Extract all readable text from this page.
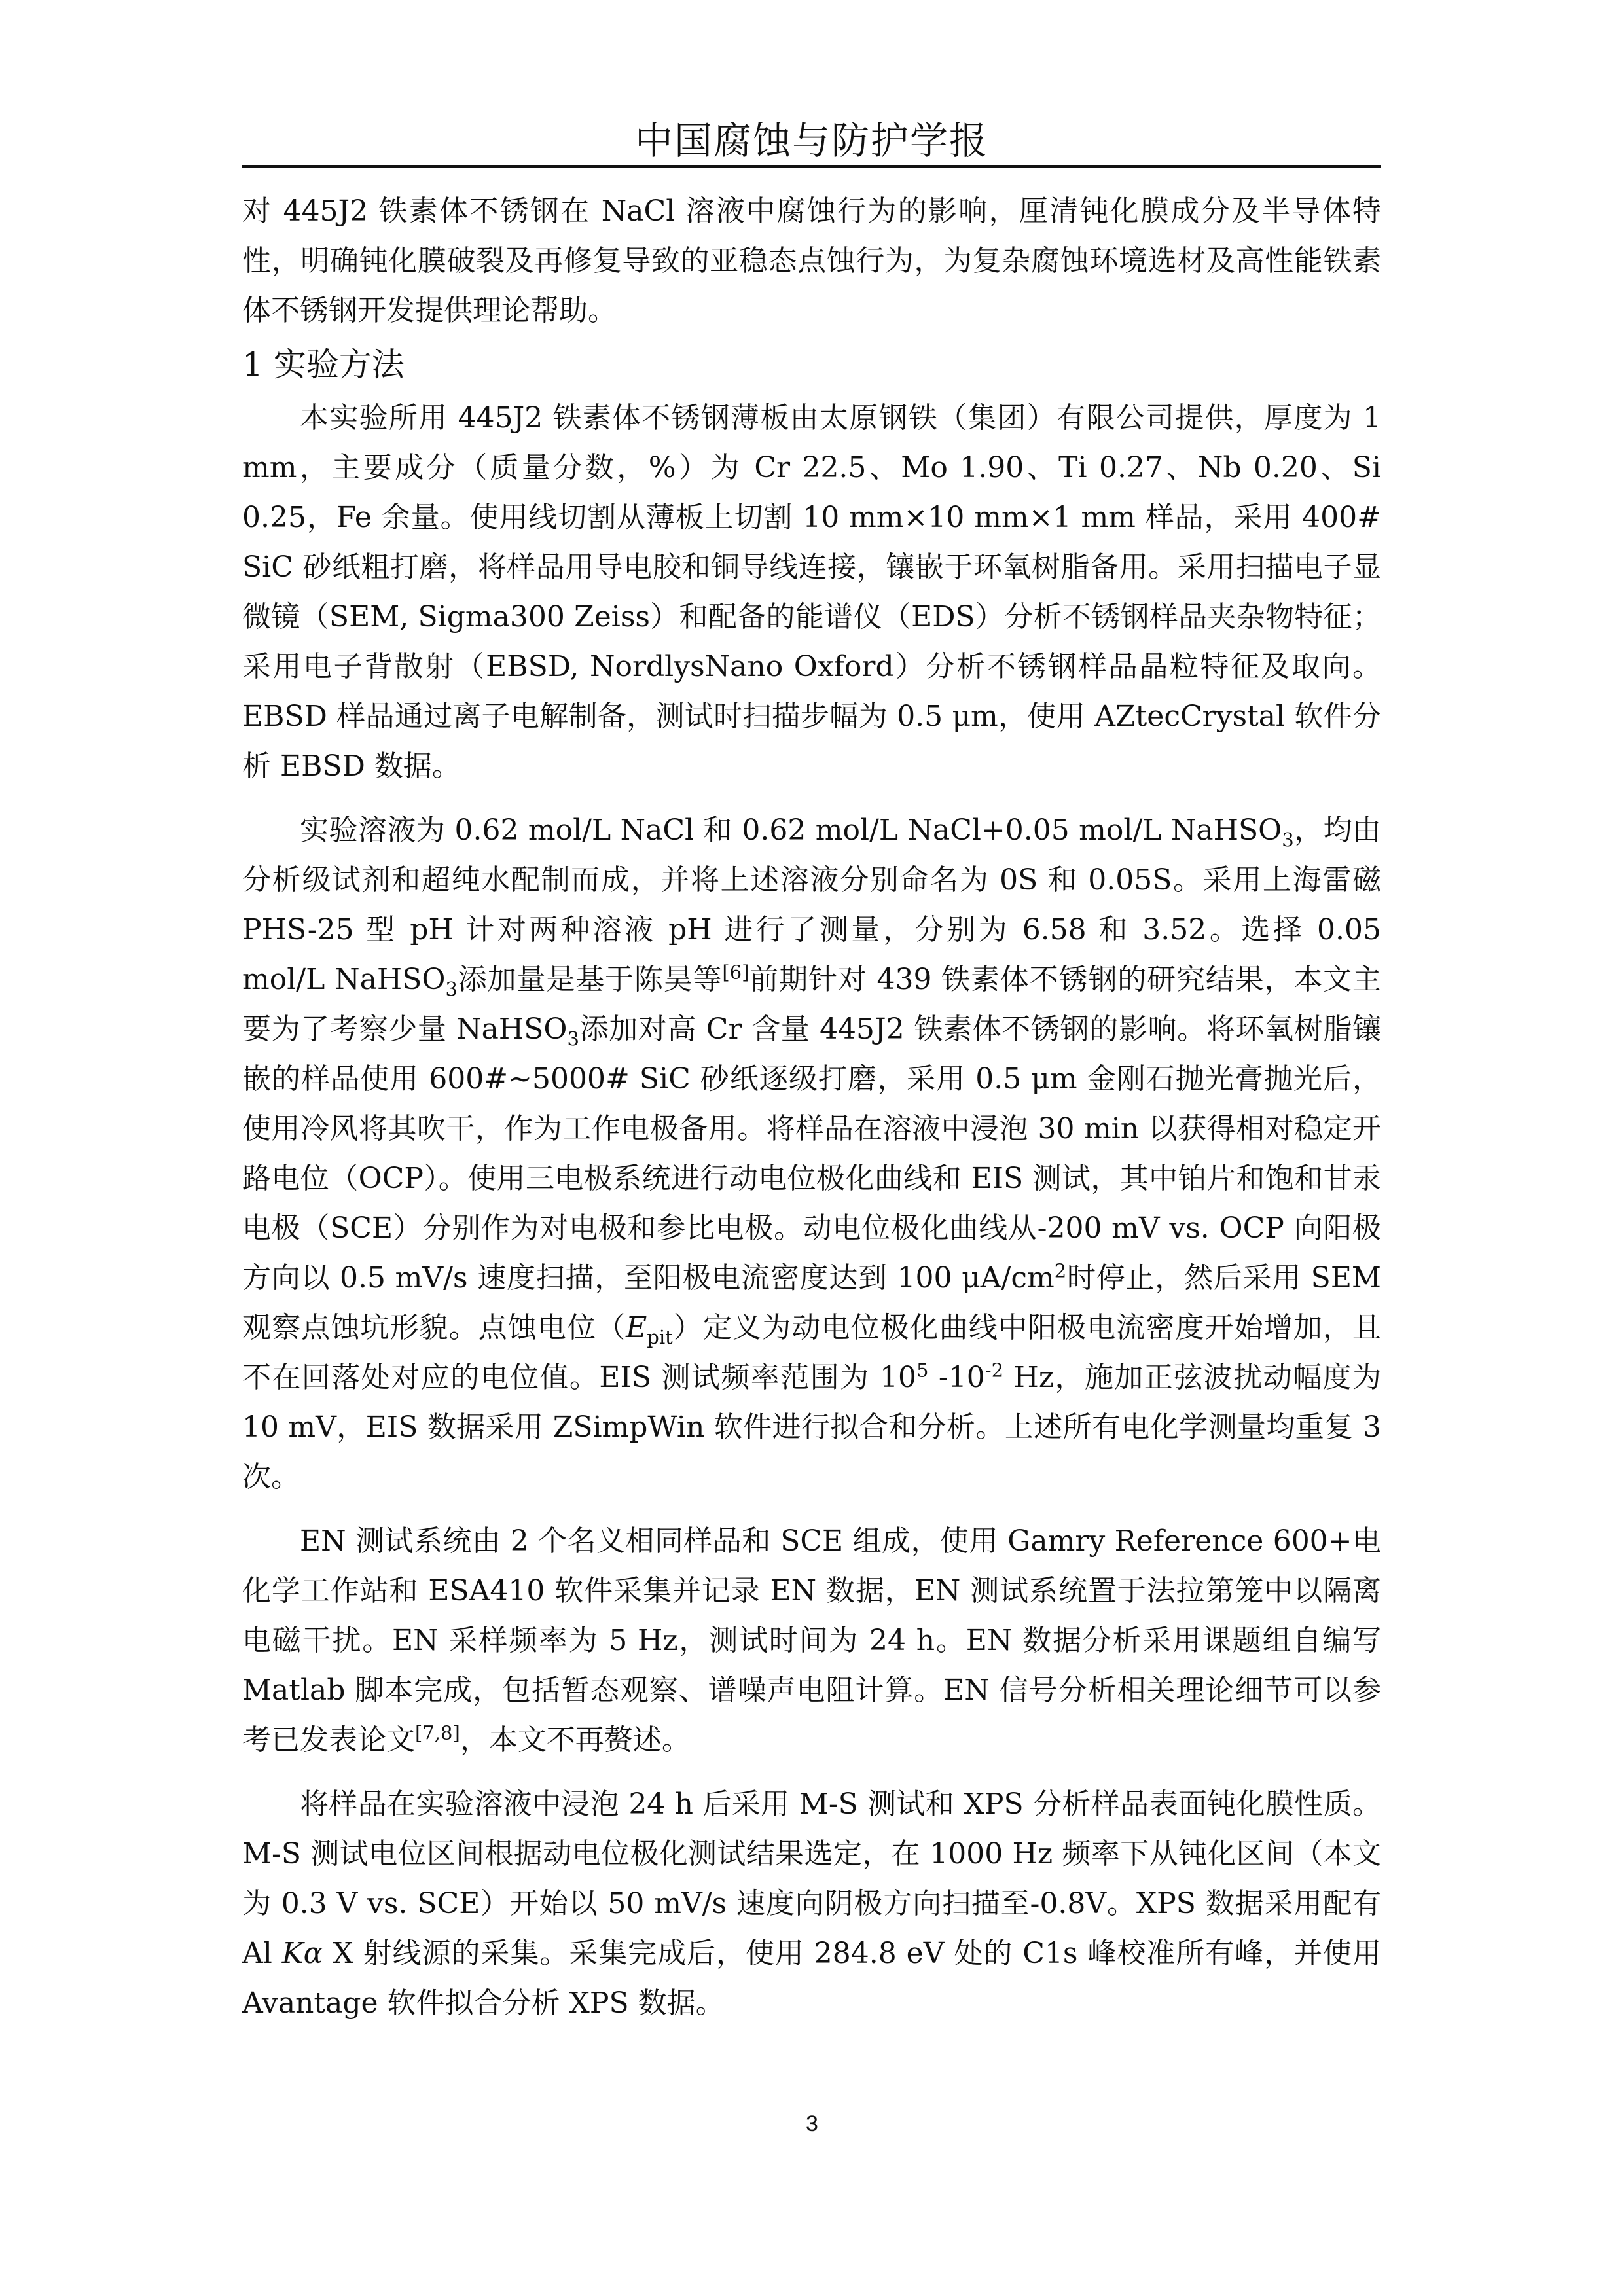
中国腐蚀与防护学报

对 445J2 铁素体不锈钢在 NaCl 溶液中腐蚀行为的影响，厘清钝化膜成分及半导体特性，明确钝化膜破裂及再修复导致的亚稳态点蚀行为，为复杂腐蚀环境选材及高性能铁素体不锈钢开发提供理论帮助。

1 实验方法

本实验所用 445J2 铁素体不锈钢薄板由太原钢铁（集团）有限公司提供，厚度为 1 mm，主要成分（质量分数，%）为 Cr 22.5、Mo 1.90、Ti 0.27、Nb 0.20、Si 0.25，Fe 余量。使用线切割从薄板上切割 10 mm×10 mm×1 mm 样品，采用 400# SiC 砂纸粗打磨，将样品用导电胶和铜导线连接，镶嵌于环氧树脂备用。采用扫描电子显微镜（SEM, Sigma300 Zeiss）和配备的能谱仪（EDS）分析不锈钢样品夹杂物特征；采用电子背散射（EBSD, NordlysNano Oxford）分析不锈钢样品晶粒特征及取向。EBSD 样品通过离子电解制备，测试时扫描步幅为 0.5 μm，使用 AZtecCrystal 软件分析 EBSD 数据。

实验溶液为 0.62 mol/L NaCl 和 0.62 mol/L NaCl+0.05 mol/L NaHSO$_3$，均由分析级试剂和超纯水配制而成，并将上述溶液分别命名为 0S 和 0.05S。采用上海雷磁 PHS-25 型 pH 计对两种溶液 pH 进行了测量，分别为 6.58 和 3.52。选择 0.05 mol/L NaHSO$_3$添加量是基于陈昊等[6]前期针对 439 铁素体不锈钢的研究结果，本文主要为了考察少量 NaHSO$_3$添加对高 Cr 含量 445J2 铁素体不锈钢的影响。将环氧树脂镶嵌的样品使用 600#~5000# SiC 砂纸逐级打磨，采用 0.5 μm 金刚石抛光膏抛光后，使用冷风将其吹干，作为工作电极备用。将样品在溶液中浸泡 30 min 以获得相对稳定开路电位（OCP）。使用三电极系统进行动电位极化曲线和 EIS 测试，其中铂片和饱和甘汞电极（SCE）分别作为对电极和参比电极。动电位极化曲线从-200 mV vs. OCP 向阳极方向以 0.5 mV/s 速度扫描，至阳极电流密度达到 100 $\mu A/cm^2$时停止，然后采用 SEM 观察点蚀坑形貌。点蚀电位$(E_{pit})$定义为动电位极化曲线中阳极电流密度开始增加，且不在回落处对应的电位值。EIS 测试频率范围为 $10^5$ $-10^{-2}$ Hz，施加正弦波扰动幅度为 10 mV，EIS 数据采用 ZSimpWin 软件进行拟合和分析。上述所有电化学测量均重复 3 次。

EN 测试系统由 2 个名义相同样品和 SCE 组成，使用 Gamry Reference 600+电化学工作站和 ESA410 软件采集并记录 EN 数据，EN 测试系统置于法拉第笼中以隔离电磁干扰。EN 采样频率为 5 Hz，测试时间为 24 h。EN 数据分析采用课题组自编写 Matlab 脚本完成，包括暂态观察、谱噪声电阻计算。EN 信号分析相关理论细节可以参考已发表论文[7,8]，本文不再赘述。

将样品在实验溶液中浸泡 24 h 后采用 M-S 测试和 XPS 分析样品表面钝化膜性质。M-S 测试电位区间根据动电位极化测试结果选定，在 1000 Hz 频率下从钝化区间（本文为 0.3 V vs. SCE）开始以 50 mV/s 速度向阴极方向扫描至-0.8V。XPS 数据采用配有 Al Kα X 射线源的采集。采集完成后，使用 284.8 eV 处的 C1s 峰校准所有峰，并使用 Avantage 软件拟合分析 XPS 数据。

3
